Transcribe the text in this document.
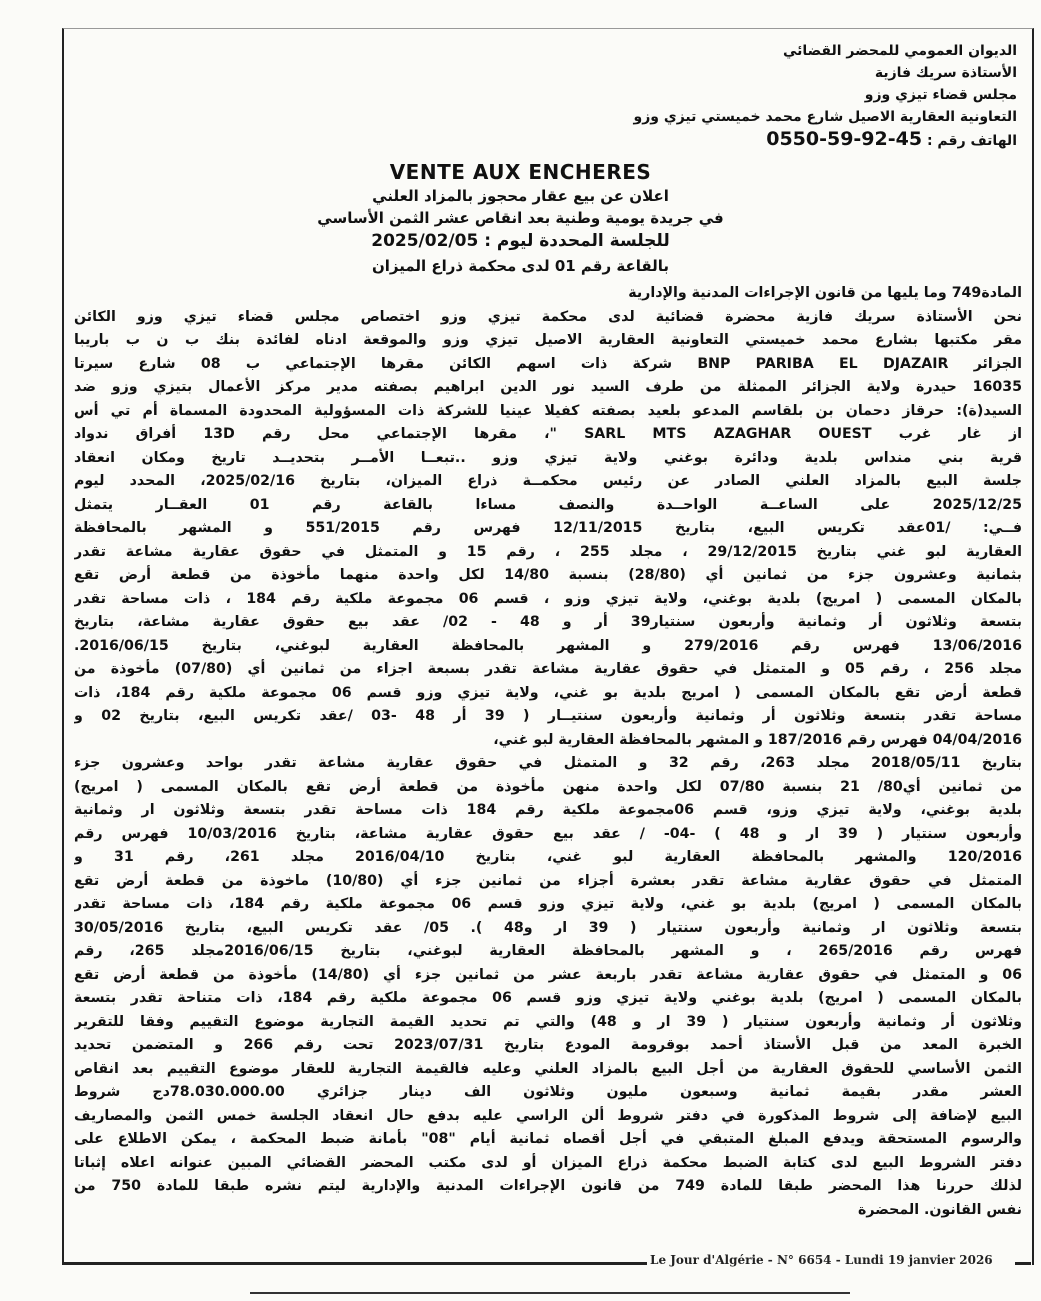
الديوان العمومي للمحضر القضائي
الأستاذة سريك فازية
مجلس قضاء تيزي وزو
التعاونية العقارية الاصيل شارع محمد خميستي تيزي وزو
الهاتف رقم : 0550-59-92-45
VENTE AUX ENCHERES
اعلان عن بيع عقار محجوز بالمزاد العلني
في جريدة يومية وطنية بعد انقاص عشر الثمن الأساسي
للجلسة المحددة ليوم : 2025/02/05
بالقاعة رقم 01 لدى محكمة ذراع الميزان
المادة749 وما يليها من قانون الإجراءات المدنية والإدارية
نحن الأستاذة سريك فازية محضرة قضائية لدى محكمة تيزي وزو اختصاص مجلس قضاء تيزي وزو الكائن
مقر مكتبها بشارع محمد خميستي التعاونية العقارية الاصيل تيزي وزو والموقعة ادناه لفائدة بنك ب ن ب باريبا
الجزائر BNP PARIBA EL DJAZAIR شركة ذات اسهم الكائن مقرها الإجتماعي ب 08 شارع سيرتا
16035 حيدرة ولاية الجزائر الممثلة من طرف السيد نور الدين ابراهيم بصفته مدير مركز الأعمال بتيزي وزو ضد
السيد(ة): حرقاز دحمان بن بلقاسم المدعو بلعيد بصفته كفيلا عينيا للشركة ذات المسؤولية المحدودة المسماة أم تي أس
از غار غرب SARL MTS AZAGHAR OUEST "، مقرها الإجتماعي محل رقم 13D أفراق ندواد
قرية بني منداس بلدية ودائرة بوغني ولاية تيزي وزو ..تبعــا الأمــر بتحديــد تاريخ ومكان انعقاد
جلسة البيع بالمزاد العلني الصادر عن رئيس محكمــة ذراع الميزان، بتاريخ 2025/02/16، المحدد ليوم
2025/12/25 على الساعــة الواحــدة والنصف مساءا بالقاعة رقم 01 العقــار يتمثل
فــي: /01عقد تكريس البيع، بتاريخ 12/11/2015 فهرس رقم 551/2015 و المشهر بالمحافظة
العقارية لبو غني بتاريخ 29/12/2015 ، مجلد 255 ، رقم 15 و المتمثل في حقوق عقارية مشاعة تقدر
بثمانية وعشرون جزء من ثمانين أي (28/80) بنسبة 14/80 لكل واحدة منهما مأخوذة من قطعة أرض تقع
بالمكان المسمى ( امريج) بلدية بوغني، ولاية تيزي وزو ، قسم 06 مجموعة ملكية رقم 184 ، ذات مساحة تقدر
بتسعة وثلاثون أر وثمانية وأربعون سنتيار39 أر و 48 - 02/ عقد بيع حقوق عقارية مشاعة، بتاريخ
13/06/2016 فهرس رقم 279/2016 و المشهر بالمحافظة العقارية لبوغني، بتاريخ 2016/06/15.
مجلد 256 ، رقم 05 و المتمثل في حقوق عقارية مشاعة تقدر بسبعة اجزاء من ثمانين أي (07/80) مأخوذة من
قطعة أرض تقع بالمكان المسمى ( امريج بلدية بو غني، ولاية تيزي وزو قسم 06 مجموعة ملكية رقم 184، ذات
مساحة تقدر بتسعة وثلاثون أر وثمانية وأربعون سنتيــار ( 39 أر 48 -03 /عقد تكريس البيع، بتاريخ 02 و
04/04/2016 فهرس رقم 187/2016 و المشهر بالمحافظة العقارية لبو غني،
بتاريخ 2018/05/11 مجلد 263، رقم 32 و المتمثل في حقوق عقارية مشاعة تقدر بواحد وعشرون جزء
من ثمانين أي80/ 21 بنسبة 07/80 لكل واحدة منهن مأخوذة من قطعة أرض تقع بالمكان المسمى ( امريج)
بلدية بوغني، ولاية تيزي وزو، قسم 06مجموعة ملكية رقم 184 ذات مساحة تقدر بتسعة وثلاثون ار وثمانية
وأربعون سنتيار ( 39 ار و 48 ) -04- / عقد بيع حقوق عقارية مشاعة، بتاريخ 10/03/2016 فهرس رقم
120/2016 والمشهر بالمحافظة العقارية لبو غني، بتاريخ 2016/04/10 مجلد 261، رقم 31 و
المتمثل في حقوق عقارية مشاعة تقدر بعشرة أجزاء من ثمانين جزء أي (10/80) ماخوذة من قطعة أرض تقع
بالمكان المسمى ( امريج) بلدية بو غني، ولاية تيزي وزو قسم 06 مجموعة ملكية رقم 184، ذات مساحة تقدر
بتسعة وثلاثون ار وثمانية وأربعون سنتيار ( 39 ار و48 ). 05/ عقد تكريس البيع، بتاريخ 30/05/2016
فهرس رقم 265/2016 ، و المشهر بالمحافظة العقارية لبوغني، بتاريخ 2016/06/15مجلد 265، رقم
06 و المتمثل في حقوق عقارية مشاعة تقدر باربعة عشر من ثمانين جزء أي (14/80) مأخوذة من قطعة أرض تقع
بالمكان المسمى ( امريج) بلدية بوغني ولاية تيزي وزو قسم 06 مجموعة ملكية رقم 184، ذات متناحة تقدر بتسعة
وثلاثون أر وثمانية وأربعون سنتيار ( 39 ار و 48) والتي تم تحديد القيمة التجارية موضوع التقييم وفقا للتقرير
الخبرة المعد من قبل الأستاذ أحمد بوقرومة المودع بتاريخ 2023/07/31 تحت رقم 266 و المتضمن تحديد
الثمن الأساسي للحقوق العقارية من أجل البيع بالمزاد العلني وعليه فالقيمة التجارية للعقار موضوع التقييم بعد انقاص
العشر مقدر بقيمة ثمانية وسبعون مليون وثلاثون الف دينار جزائري 78.030.000.00دج شروط
البيع لإضافة إلى شروط المذكورة في دفتر شروط ألن الراسي عليه بدفع حال انعقاد الجلسة خمس الثمن والمصاريف
والرسوم المستحقة ويدفع المبلغ المتبقي في أجل أقصاه ثمانية أيام "08" بأمانة ضبط المحكمة ، يمكن الاطلاع على
دفتر الشروط البيع لدى كتابة الضبط محكمة ذراع الميزان أو لدى مكتب المحضر القضائي المبين عنوانه اعلاه إثباتا
لذلك حررنا هذا المحضر طبقا للمادة 749 من قانون الإجراءات المدنية والإدارية ليتم نشره طبقا للمادة 750 من
نفس القانون. المحضرة
Le Jour d'Algérie - N° 6654 - Lundi 19 janvier 2026
